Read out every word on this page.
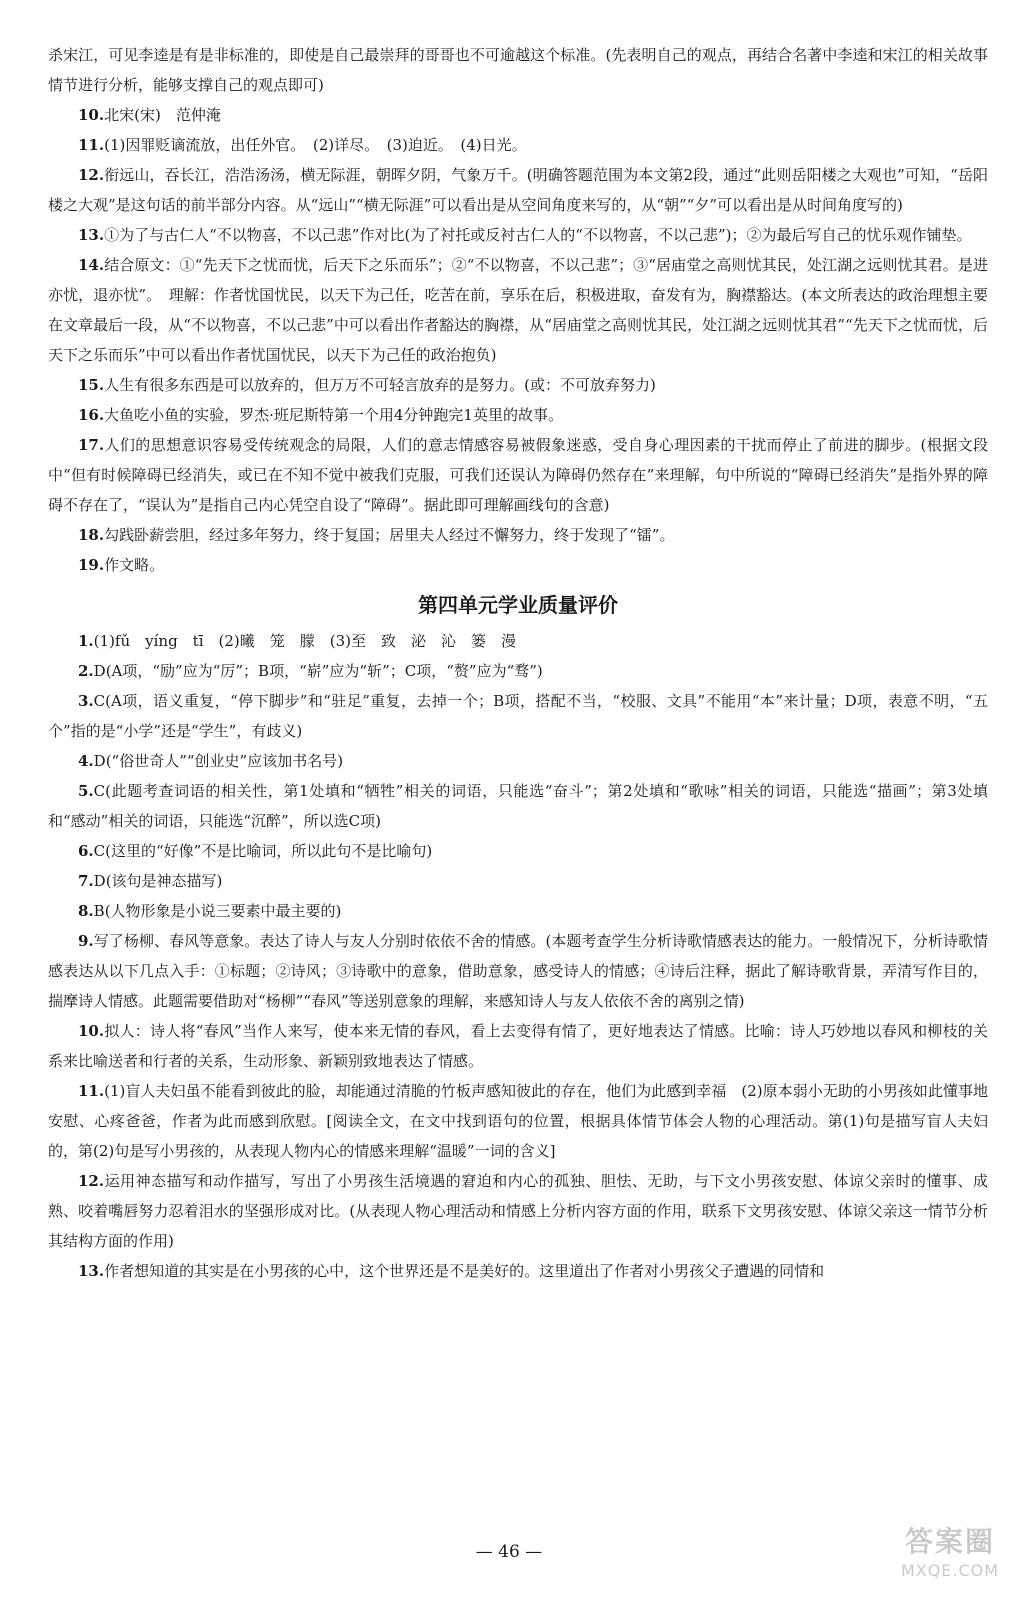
杀宋江，可见李逵是有是非标准的，即使是自己最崇拜的哥哥也不可逾越这个标准。(先表明自己的观点，再结合名著中李逵和宋江的相关故事情节进行分析，能够支撑自己的观点即可)

10.北宋(宋)　范仲淹

11.(1)因罪贬谪流放，出任外官。　(2)详尽。　(3)迫近。　(4)日光。

12.衔远山，吞长江，浩浩汤汤，横无际涯，朝晖夕阴，气象万千。(明确答题范围为本文第2段，通过“此则岳阳楼之大观也”可知，“岳阳楼之大观”是这句话的前半部分内容。从“远山”“横无际涯”可以看出是从空间角度来写的，从“朝”“夕”可以看出是从时间角度写的)

13.①为了与古仁人“不以物喜，不以己悲”作对比(为了衬托或反衬古仁人的“不以物喜，不以己悲”)；②为最后写自己的忧乐观作铺垫。

14.结合原文：①“先天下之忧而忧，后天下之乐而乐”；②“不以物喜，不以己悲”；③“居庙堂之高则忧其民，处江湖之远则忧其君。是进亦忧，退亦忧”。　理解：作者忧国忧民，以天下为己任，吃苦在前，享乐在后，积极进取，奋发有为，胸襟豁达。(本文所表达的政治理想主要在文章最后一段，从“不以物喜，不以己悲”中可以看出作者豁达的胸襟，从“居庙堂之高则忧其民，处江湖之远则忧其君”“先天下之忧而忧，后天下之乐而乐”中可以看出作者忧国忧民，以天下为己任的政治抱负)

15.人生有很多东西是可以放弃的，但万万不可轻言放弃的是努力。(或：不可放弃努力)

16.大鱼吃小鱼的实验，罗杰·班尼斯特第一个用4分钟跑完1英里的故事。

17.人们的思想意识容易受传统观念的局限，人们的意志情感容易被假象迷惑，受自身心理因素的干扰而停止了前进的脚步。(根据文段中“但有时候障碍已经消失，或已在不知不觉中被我们克服，可我们还误认为障碍仍然存在”来理解，句中所说的“障碍已经消失”是指外界的障碍不存在了，“误认为”是指自己内心凭空自设了“障碍”。据此即可理解画线句的含意)

18.勾践卧薪尝胆，经过多年努力，终于复国；居里夫人经过不懈努力，终于发现了“镭”。

19.作文略。

第四单元学业质量评价

1.(1)fǔ　yíng　tī　(2)曦　笼　朦　(3)至　致　泌　沁　篓　漫

2.D(A项，“励”应为“厉”；B项，“崭”应为“斩”；C项，“赘”应为“骛”)

3.C(A项，语义重复，“停下脚步”和“驻足”重复，去掉一个；B项，搭配不当，“校服、文具”不能用“本”来计量；D项，表意不明，“五个”指的是“小学”还是“学生”，有歧义)

4.D(“俗世奇人”“创业史”应该加书名号)

5.C(此题考查词语的相关性，第1处填和“牺牲”相关的词语，只能选“奋斗”；第2处填和“歌咏”相关的词语，只能选“描画”；第3处填和“感动”相关的词语，只能选“沉醉”，所以选C项)

6.C(这里的“好像”不是比喻词，所以此句不是比喻句)

7.D(该句是神态描写)

8.B(人物形象是小说三要素中最主要的)

9.写了杨柳、春风等意象。表达了诗人与友人分别时依依不舍的情感。(本题考查学生分析诗歌情感表达的能力。一般情况下，分析诗歌情感表达从以下几点入手：①标题；②诗风；③诗歌中的意象，借助意象，感受诗人的情感；④诗后注释，据此了解诗歌背景，弄清写作目的，揣摩诗人情感。此题需要借助对“杨柳”“春风”等送别意象的理解，来感知诗人与友人依依不舍的离别之情)

10.拟人：诗人将“春风”当作人来写，使本来无情的春风，看上去变得有情了，更好地表达了情感。比喻：诗人巧妙地以春风和柳枝的关系来比喻送者和行者的关系，生动形象、新颖别致地表达了情感。

11.(1)盲人夫妇虽不能看到彼此的脸，却能通过清脆的竹板声感知彼此的存在，他们为此感到幸福　(2)原本弱小无助的小男孩如此懂事地安慰、心疼爸爸，作者为此而感到欣慰。[阅读全文，在文中找到语句的位置，根据具体情节体会人物的心理活动。第(1)句是描写盲人夫妇的，第(2)句是写小男孩的，从表现人物内心的情感来理解“温暖”一词的含义]

12.运用神态描写和动作描写，写出了小男孩生活境遇的窘迫和内心的孤独、胆怯、无助，与下文小男孩安慰、体谅父亲时的懂事、成熟、咬着嘴唇努力忍着泪水的坚强形成对比。(从表现人物心理活动和情感上分析内容方面的作用，联系下文男孩安慰、体谅父亲这一情节分析其结构方面的作用)

13.作者想知道的其实是在小男孩的心中，这个世界还是不是美好的。这里道出了作者对小男孩父子遭遇的同情和

— 46 —	答案圈
MXQE.COM
